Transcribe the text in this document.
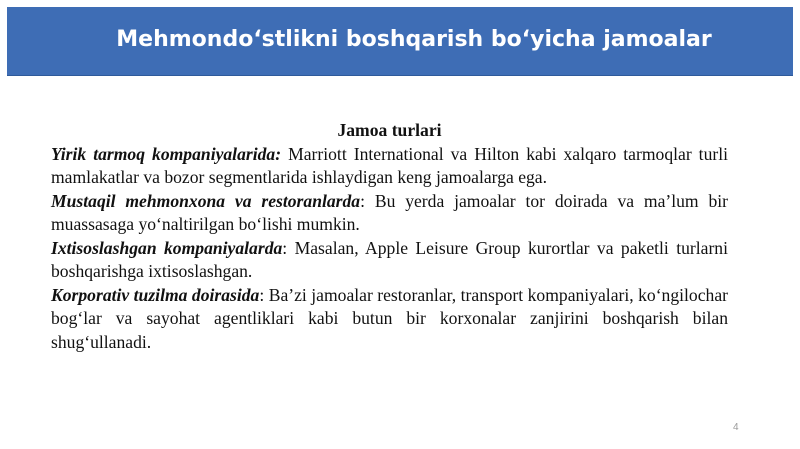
Mehmondo‘stlikni boshqarish bo‘yicha jamoalar

Jamoa turlari

Yirik tarmoq kompaniyalarida: Marriott International va Hilton kabi xalqaro tarmoqlar turli mamlakatlar va bozor segmentlarida ishlaydigan keng jamoalarga ega.

Mustaqil mehmonxona va restoranlarda: Bu yerda jamoalar tor doirada va ma’lum bir muassasaga yo‘naltirilgan bo‘lishi mumkin.

Ixtisoslashgan kompaniyalarda: Masalan, Apple Leisure Group kurortlar va paketli turlarni boshqarishga ixtisoslashgan.

Korporativ tuzilma doirasida: Ba’zi jamoalar restoranlar, transport kompaniyalari, ko‘ngilochar bog‘lar va sayohat agentliklari kabi butun bir korxonalar zanjirini boshqarish bilan shug‘ullanadi.

4
